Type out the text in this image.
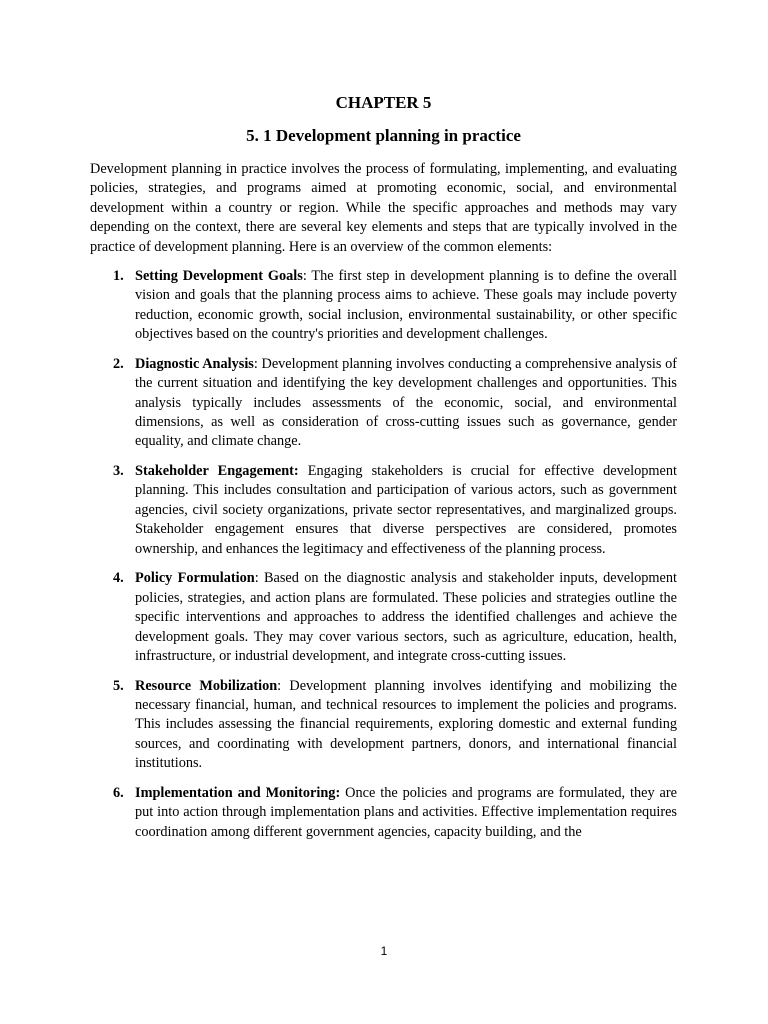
CHAPTER 5
5. 1 Development planning in practice

Development planning in practice involves the process of formulating, implementing, and evaluating policies, strategies, and programs aimed at promoting economic, social, and environmental development within a country or region. While the specific approaches and methods may vary depending on the context, there are several key elements and steps that are typically involved in the practice of development planning. Here is an overview of the common elements:

1. Setting Development Goals: The first step in development planning is to define the overall vision and goals that the planning process aims to achieve. These goals may include poverty reduction, economic growth, social inclusion, environmental sustainability, or other specific objectives based on the country's priorities and development challenges.
2. Diagnostic Analysis: Development planning involves conducting a comprehensive analysis of the current situation and identifying the key development challenges and opportunities. This analysis typically includes assessments of the economic, social, and environmental dimensions, as well as consideration of cross-cutting issues such as governance, gender equality, and climate change.
3. Stakeholder Engagement: Engaging stakeholders is crucial for effective development planning. This includes consultation and participation of various actors, such as government agencies, civil society organizations, private sector representatives, and marginalized groups. Stakeholder engagement ensures that diverse perspectives are considered, promotes ownership, and enhances the legitimacy and effectiveness of the planning process.
4. Policy Formulation: Based on the diagnostic analysis and stakeholder inputs, development policies, strategies, and action plans are formulated. These policies and strategies outline the specific interventions and approaches to address the identified challenges and achieve the development goals. They may cover various sectors, such as agriculture, education, health, infrastructure, or industrial development, and integrate cross-cutting issues.
5. Resource Mobilization: Development planning involves identifying and mobilizing the necessary financial, human, and technical resources to implement the policies and programs. This includes assessing the financial requirements, exploring domestic and external funding sources, and coordinating with development partners, donors, and international financial institutions.
6. Implementation and Monitoring: Once the policies and programs are formulated, they are put into action through implementation plans and activities. Effective implementation requires coordination among different government agencies, capacity building, and the
1
